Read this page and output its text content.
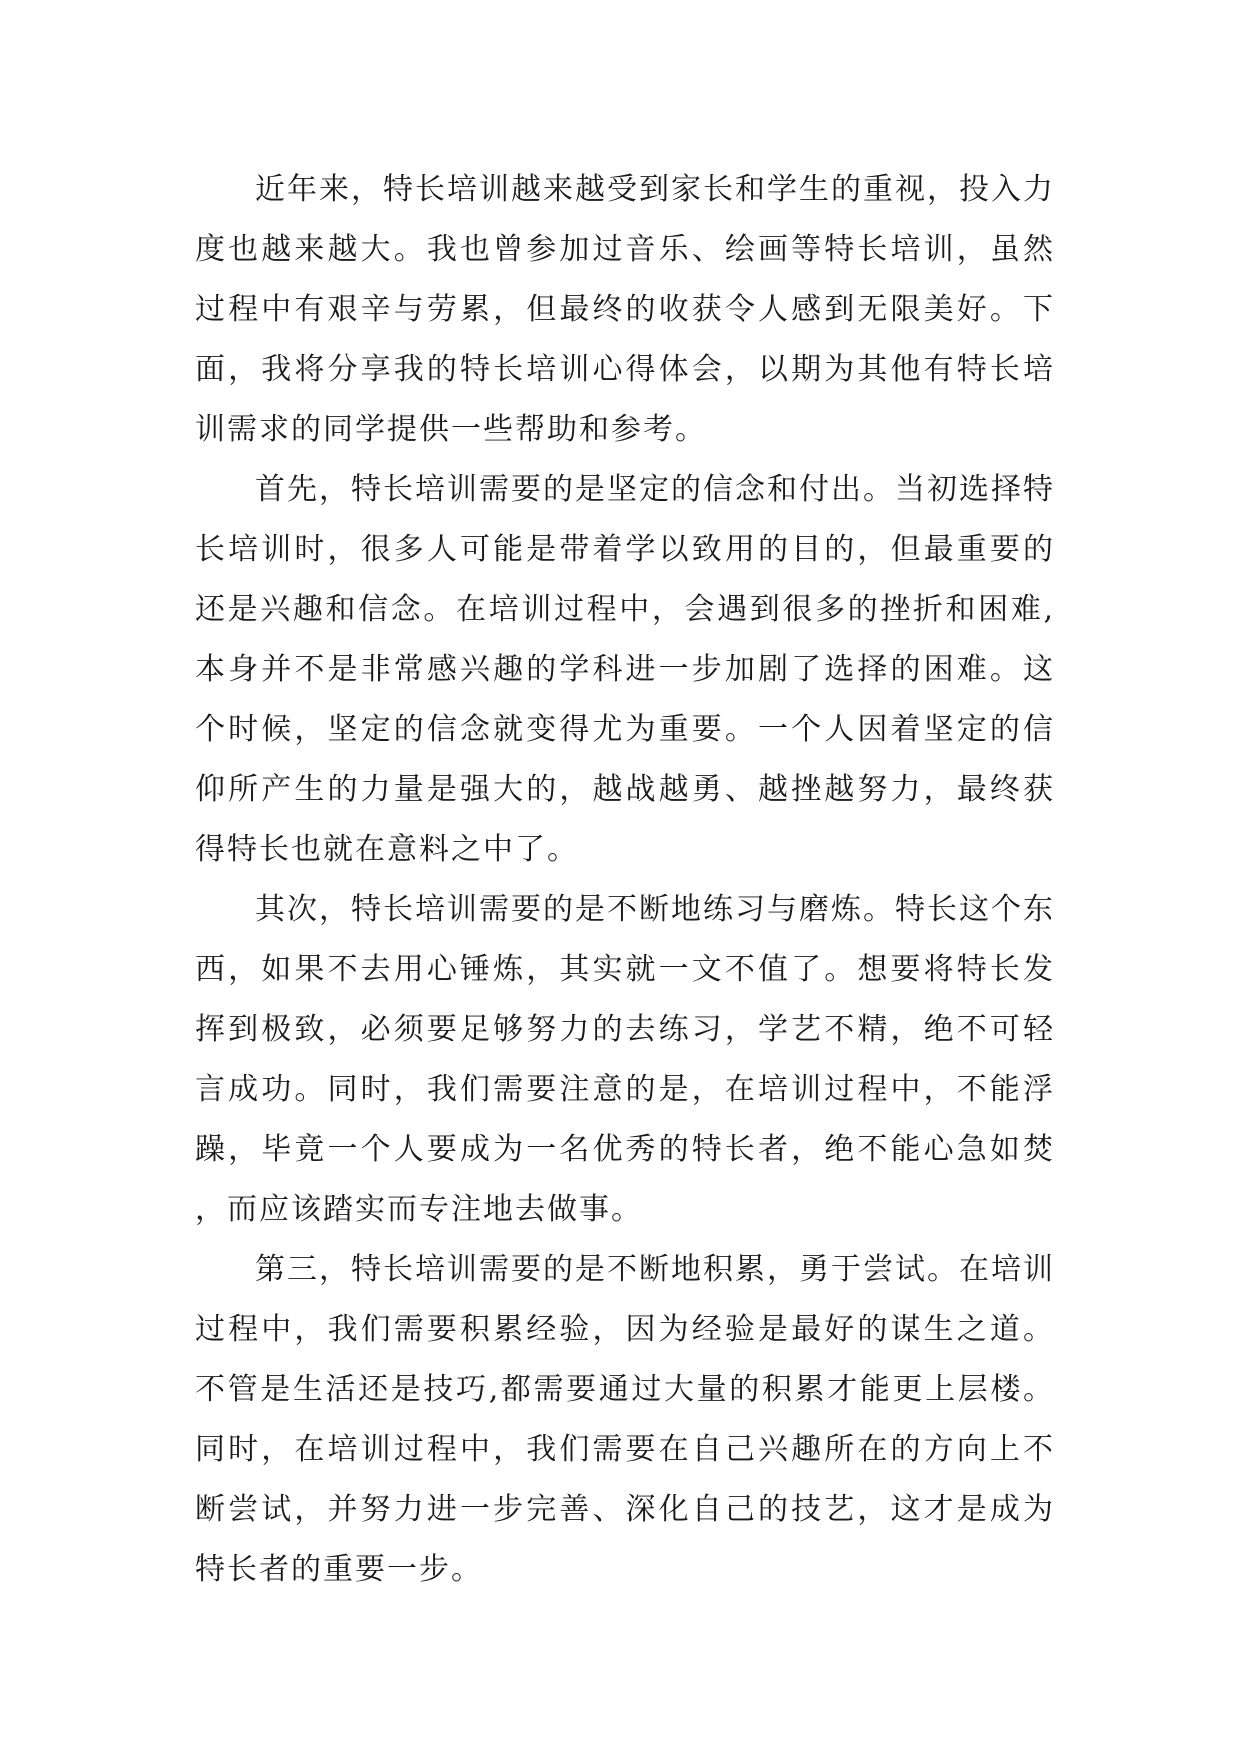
近年来，特长培训越来越受到家长和学生的重视，投入力度也越来越大。我也曾参加过音乐、绘画等特长培训，虽然过程中有艰辛与劳累，但最终的收获令人感到无限美好。下面，我将分享我的特长培训心得体会，以期为其他有特长培训需求的同学提供一些帮助和参考。

首先，特长培训需要的是坚定的信念和付出。当初选择特长培训时，很多人可能是带着学以致用的目的，但最重要的还是兴趣和信念。在培训过程中，会遇到很多的挫折和困难,本身并不是非常感兴趣的学科进一步加剧了选择的困难。这个时候，坚定的信念就变得尤为重要。一个人因着坚定的信仰所产生的力量是强大的，越战越勇、越挫越努力，最终获得特长也就在意料之中了。

其次，特长培训需要的是不断地练习与磨炼。特长这个东西，如果不去用心锤炼，其实就一文不值了。想要将特长发挥到极致，必须要足够努力的去练习，学艺不精，绝不可轻言成功。同时，我们需要注意的是，在培训过程中，不能浮躁，毕竟一个人要成为一名优秀的特长者，绝不能心急如焚，而应该踏实而专注地去做事。

第三，特长培训需要的是不断地积累，勇于尝试。在培训过程中，我们需要积累经验，因为经验是最好的谋生之道。不管是生活还是技巧,都需要通过大量的积累才能更上层楼。同时，在培训过程中，我们需要在自己兴趣所在的方向上不断尝试，并努力进一步完善、深化自己的技艺，这才是成为特长者的重要一步。
